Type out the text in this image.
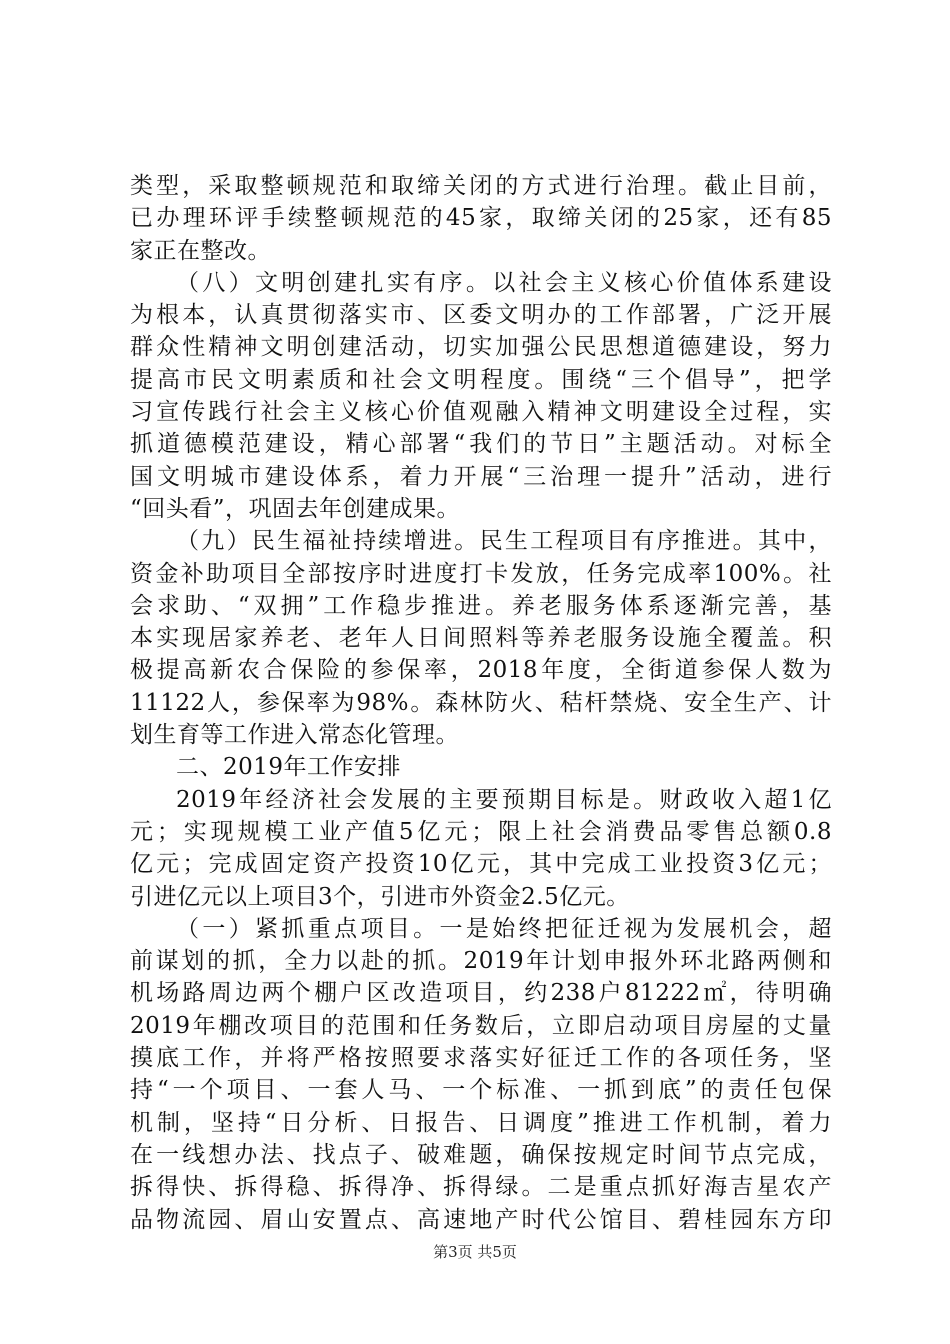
类型，采取整顿规范和取缔关闭的方式进行治理。截止目前，
已办理环评手续整顿规范的45家，取缔关闭的25家，还有85
家正在整改。
（八）文明创建扎实有序。以社会主义核心价值体系建设
为根本，认真贯彻落实市、区委文明办的工作部署，广泛开展
群众性精神文明创建活动，切实加强公民思想道德建设，努力
提高市民文明素质和社会文明程度。围绕“三个倡导”，把学
习宣传践行社会主义核心价值观融入精神文明建设全过程，实
抓道德模范建设，精心部署“我们的节日”主题活动。对标全
国文明城市建设体系，着力开展“三治理一提升”活动，进行
“回头看”，巩固去年创建成果。
（九）民生福祉持续增进。民生工程项目有序推进。其中，
资金补助项目全部按序时进度打卡发放，任务完成率100%。社
会求助、“双拥”工作稳步推进。养老服务体系逐渐完善，基
本实现居家养老、老年人日间照料等养老服务设施全覆盖。积
极提高新农合保险的参保率，2018年度，全街道参保人数为
11122人，参保率为98%。森林防火、秸杆禁烧、安全生产、计
划生育等工作进入常态化管理。
二、2019年工作安排
2019年经济社会发展的主要预期目标是。财政收入超1亿
元；实现规模工业产值5亿元；限上社会消费品零售总额0.8
亿元；完成固定资产投资10亿元，其中完成工业投资3亿元；
引进亿元以上项目3个，引进市外资金2.5亿元。
（一）紧抓重点项目。一是始终把征迁视为发展机会，超
前谋划的抓，全力以赴的抓。2019年计划申报外环北路两侧和
机场路周边两个棚户区改造项目，约238户81222㎡，待明确
2019年棚改项目的范围和任务数后，立即启动项目房屋的丈量
摸底工作，并将严格按照要求落实好征迁工作的各项任务，坚
持“一个项目、一套人马、一个标准、一抓到底”的责任包保
机制，坚持“日分析、日报告、日调度”推进工作机制，着力
在一线想办法、找点子、破难题，确保按规定时间节点完成，
拆得快、拆得稳、拆得净、拆得绿。二是重点抓好海吉星农产
品物流园、眉山安置点、高速地产时代公馆目、碧桂园东方印
第3页 共5页
